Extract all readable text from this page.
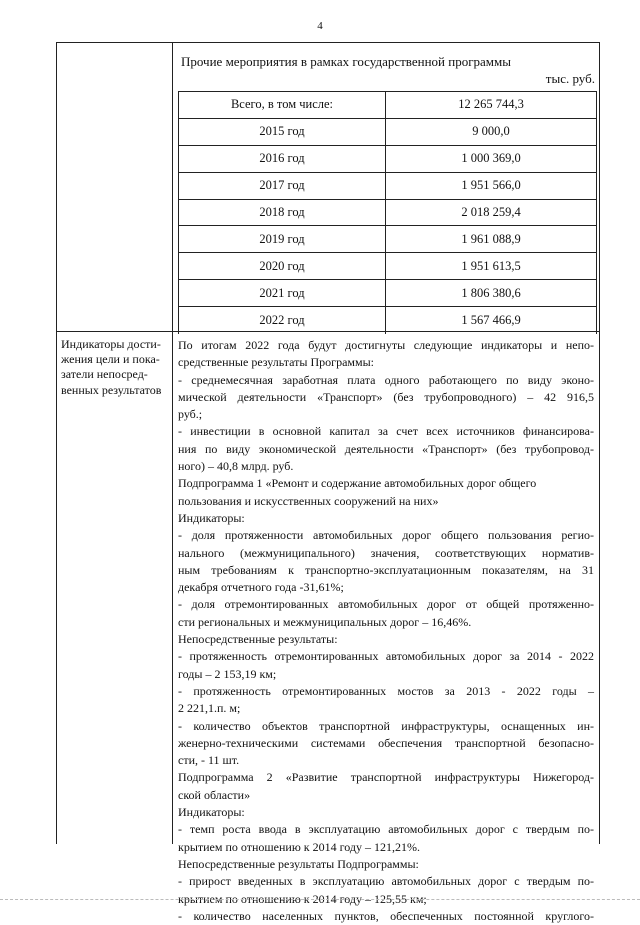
4
Прочие мероприятия в рамках государственной программы
тыс. руб.
Всего, в том числе:	12 265 744,3
2015 год	9 000,0
2016 год	1 000 369,0
2017 год	1 951 566,0
2018 год	2 018 259,4
2019 год	1 961 088,9
2020 год	1 951 613,5
2021 год	1 806 380,6
2022 год	1 567 466,9
Индикаторы дости-
жения цели и пока-
затели непосред-
венных результатов
По итогам 2022 года будут достигнуты следующие индикаторы и непо-
средственные результаты Программы:
- среднемесячная заработная плата одного работающего по виду эконо-
мической деятельности «Транспорт» (без трубопроводного) – 42 916,5
руб.;
- инвестиции в основной капитал за счет всех источников финансирова-
ния по виду экономической деятельности «Транспорт» (без трубопровод-
ного) – 40,8 млрд. руб.
Подпрограмма 1 «Ремонт и содержание автомобильных дорог общего
пользования и искусственных сооружений на них»
Индикаторы:
- доля протяженности автомобильных дорог общего пользования регио-
нального (межмуниципального) значения, соответствующих норматив-
ным требованиям к транспортно-эксплуатационным показателям, на 31
декабря отчетного года -31,61%;
- доля отремонтированных автомобильных дорог от общей протяженно-
сти региональных и межмуниципальных дорог – 16,46%.
Непосредственные результаты:
- протяженность отремонтированных автомобильных дорог за 2014 - 2022
годы – 2 153,19 км;
- протяженность отремонтированных мостов за 2013 - 2022 годы –
2 221,1.п. м;
- количество объектов транспортной инфраструктуры, оснащенных ин-
женерно-техническими системами обеспечения транспортной безопасно-
сти, - 11 шт.
Подпрограмма 2 «Развитие транспортной инфраструктуры Нижегород-
ской области»
Индикаторы:
- темп роста ввода в эксплуатацию автомобильных дорог с твердым по-
крытием по отношению к 2014 году – 121,21%.
Непосредственные результаты Подпрограммы:
- прирост введенных в эксплуатацию автомобильных дорог с твердым по-
крытием по отношению к 2014 году – 125,55 км;
- количество населенных пунктов, обеспеченных постоянной круглого-
